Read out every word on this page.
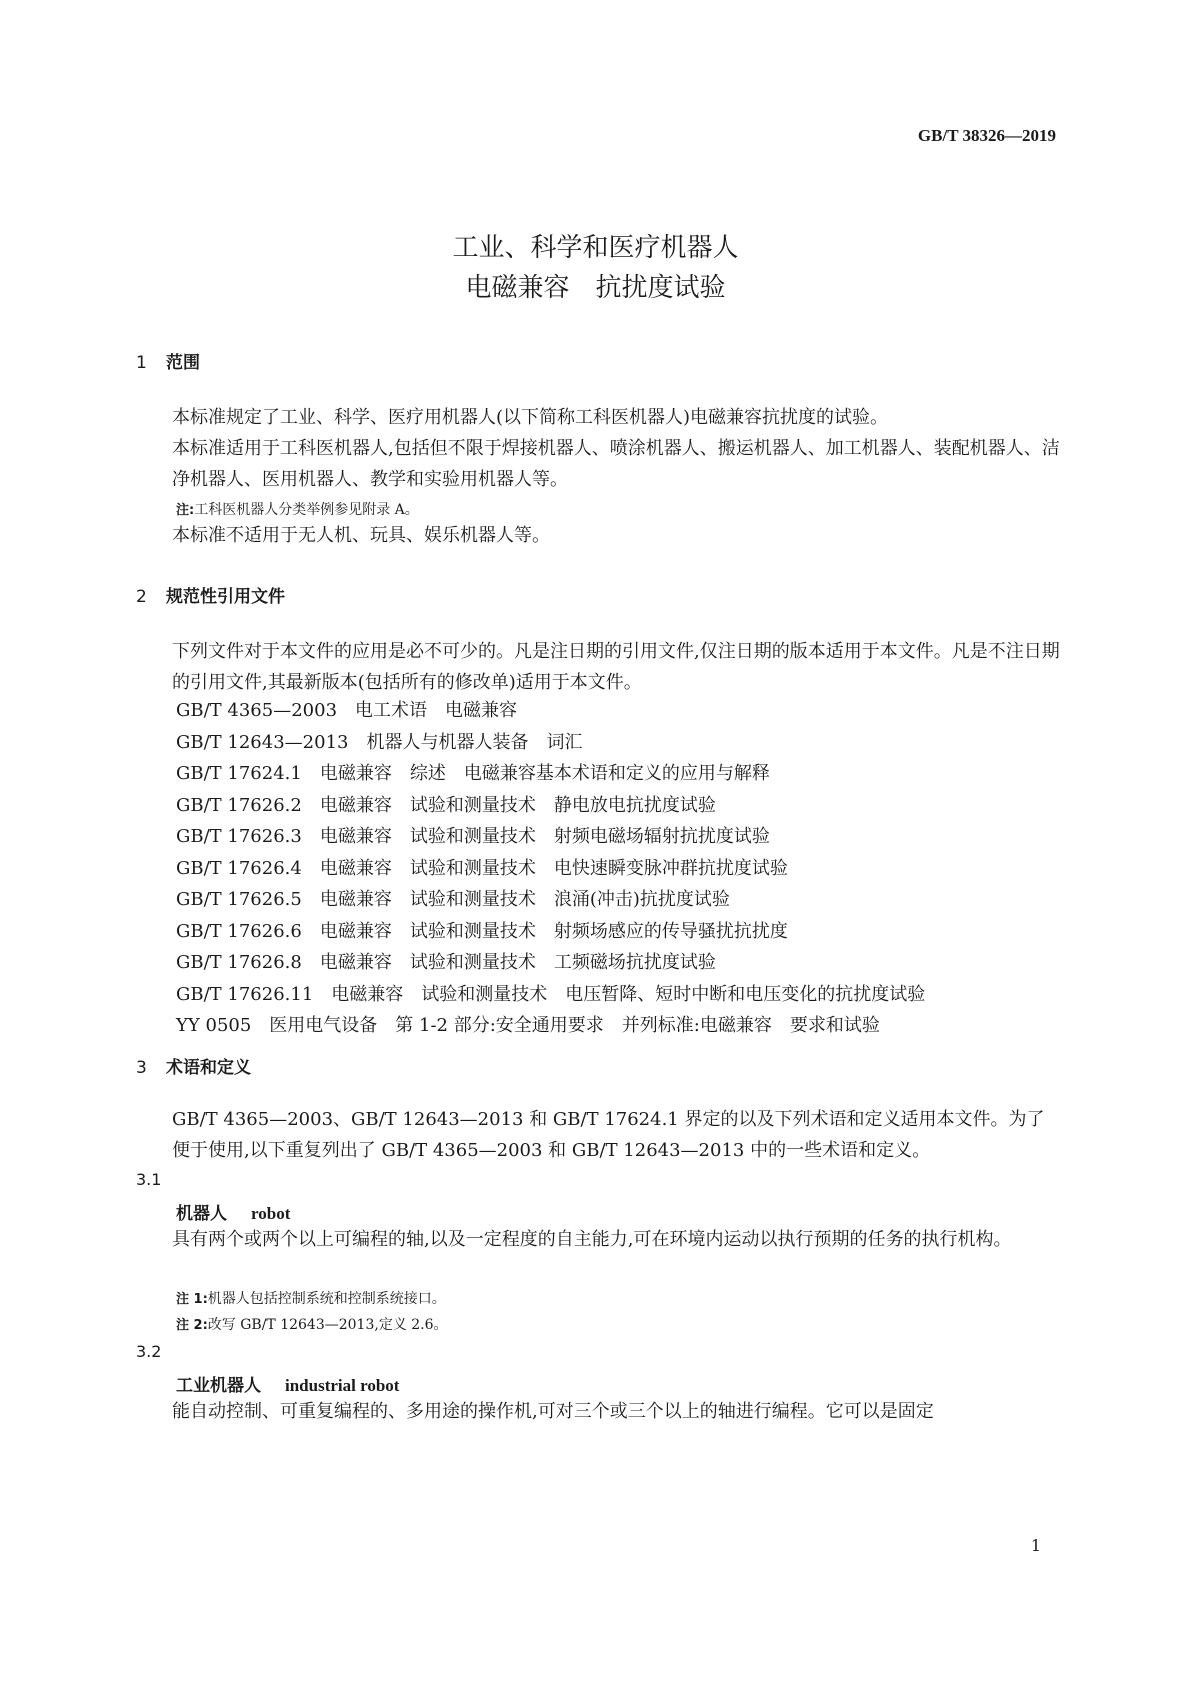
GB/T 38326—2019
工业、科学和医疗机器人
电磁兼容　抗扰度试验
1 范围
本标准规定了工业、科学、医疗用机器人(以下简称工科医机器人)电磁兼容抗扰度的试验。
本标准适用于工科医机器人,包括但不限于焊接机器人、喷涂机器人、搬运机器人、加工机器人、装配机器人、洁净机器人、医用机器人、教学和实验用机器人等。
注:工科医机器人分类举例参见附录 A。
本标准不适用于无人机、玩具、娱乐机器人等。
2 规范性引用文件
下列文件对于本文件的应用是必不可少的。凡是注日期的引用文件,仅注日期的版本适用于本文件。凡是不注日期的引用文件,其最新版本(包括所有的修改单)适用于本文件。
GB/T 4365—2003　电工术语　电磁兼容
GB/T 12643—2013　机器人与机器人装备　词汇
GB/T 17624.1　电磁兼容　综述　电磁兼容基本术语和定义的应用与解释
GB/T 17626.2　电磁兼容　试验和测量技术　静电放电抗扰度试验
GB/T 17626.3　电磁兼容　试验和测量技术　射频电磁场辐射抗扰度试验
GB/T 17626.4　电磁兼容　试验和测量技术　电快速瞬变脉冲群抗扰度试验
GB/T 17626.5　电磁兼容　试验和测量技术　浪涌(冲击)抗扰度试验
GB/T 17626.6　电磁兼容　试验和测量技术　射频场感应的传导骚扰抗扰度
GB/T 17626.8　电磁兼容　试验和测量技术　工频磁场抗扰度试验
GB/T 17626.11　电磁兼容　试验和测量技术　电压暂降、短时中断和电压变化的抗扰度试验
YY 0505　医用电气设备　第 1-2 部分:安全通用要求　并列标准:电磁兼容　要求和试验
3 术语和定义
GB/T 4365—2003、GB/T 12643—2013 和 GB/T 17624.1 界定的以及下列术语和定义适用本文件。为了便于使用,以下重复列出了 GB/T 4365—2003 和 GB/T 12643—2013 中的一些术语和定义。
3.1
机器人 robot
具有两个或两个以上可编程的轴,以及一定程度的自主能力,可在环境内运动以执行预期的任务的执行机构。
注 1:机器人包括控制系统和控制系统接口。
注 2:改写 GB/T 12643—2013,定义 2.6。
3.2
工业机器人 industrial robot
能自动控制、可重复编程的、多用途的操作机,可对三个或三个以上的轴进行编程。它可以是固定
1
